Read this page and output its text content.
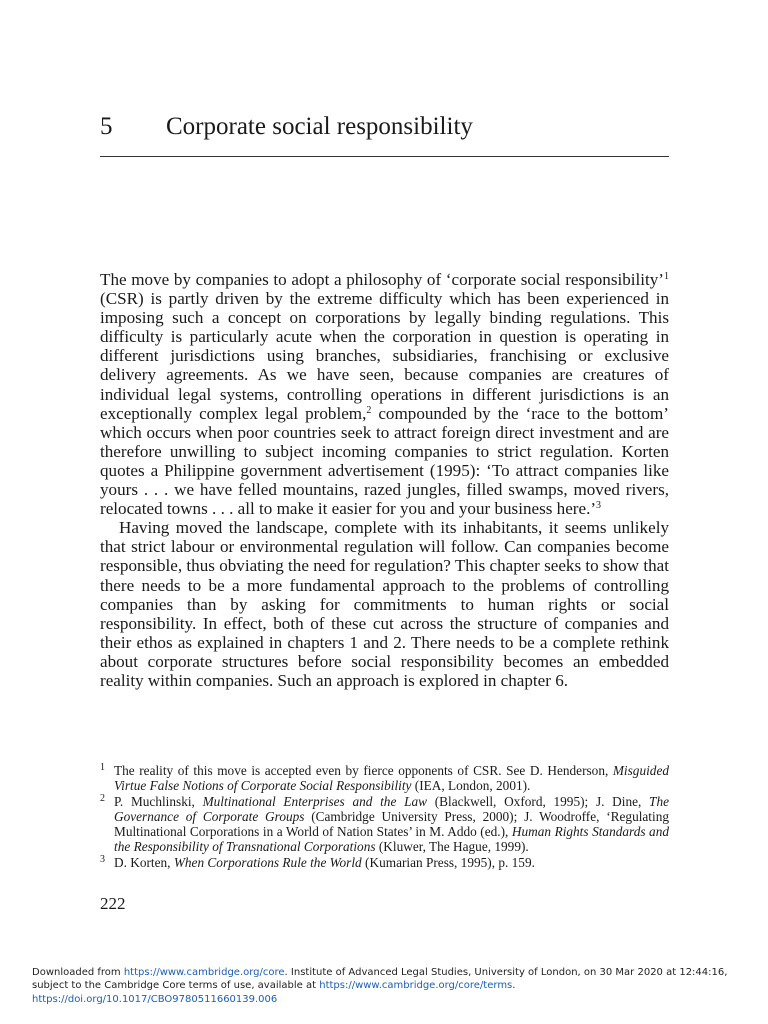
5 Corporate social responsibility

The move by companies to adopt a philosophy of ‘corporate social responsibility’$^1$ (CSR) is partly driven by the extreme difficulty which has been experienced in imposing such a concept on corporations by legally binding regulations. This difficulty is particularly acute when the corporation in question is operating in different jurisdictions using branches, subsidiaries, franchising or exclusive delivery agreements. As we have seen, because companies are creatures of individual legal systems, controlling operations in different jurisdictions is an exceptionally complex legal problem,$^2$ compounded by the ‘race to the bottom’ which occurs when poor countries seek to attract foreign direct investment and are therefore unwilling to subject incoming companies to strict regulation. Korten quotes a Philippine government advertisement (1995): ‘To attract companies like yours . . . we have felled mountains, razed jungles, filled swamps, moved rivers, relocated towns . . . all to make it easier for you and your business here.’$^3$

Having moved the landscape, complete with its inhabitants, it seems unlikely that strict labour or environmental regulation will follow. Can companies become responsible, thus obviating the need for regulation? This chapter seeks to show that there needs to be a more fundamental approach to the problems of controlling companies than by asking for commitments to human rights or social responsibility. In effect, both of these cut across the structure of companies and their ethos as explained in chapters 1 and 2. There needs to be a complete rethink about corporate structures before social responsibility becomes an embedded reality within companies. Such an approach is explored in chapter 6.

1 The reality of this move is accepted even by fierce opponents of CSR. See D. Henderson, Misguided Virtue False Notions of Corporate Social Responsibility (IEA, London, 2001).
2 P. Muchlinski, Multinational Enterprises and the Law (Blackwell, Oxford, 1995); J. Dine, The Governance of Corporate Groups (Cambridge University Press, 2000); J. Woodroffe, ‘Regulating Multinational Corporations in a World of Nation States’ in M. Addo (ed.), Human Rights Standards and the Responsibility of Transnational Corporations (Kluwer, The Hague, 1999).
3 D. Korten, When Corporations Rule the World (Kumarian Press, 1995), p. 159.
222
Downloaded from https://www.cambridge.org/core. Institute of Advanced Legal Studies, University of London, on 30 Mar 2020 at 12:44:16, subject to the Cambridge Core terms of use, available at https://www.cambridge.org/core/terms.
https://doi.org/10.1017/CBO9780511660139.006
